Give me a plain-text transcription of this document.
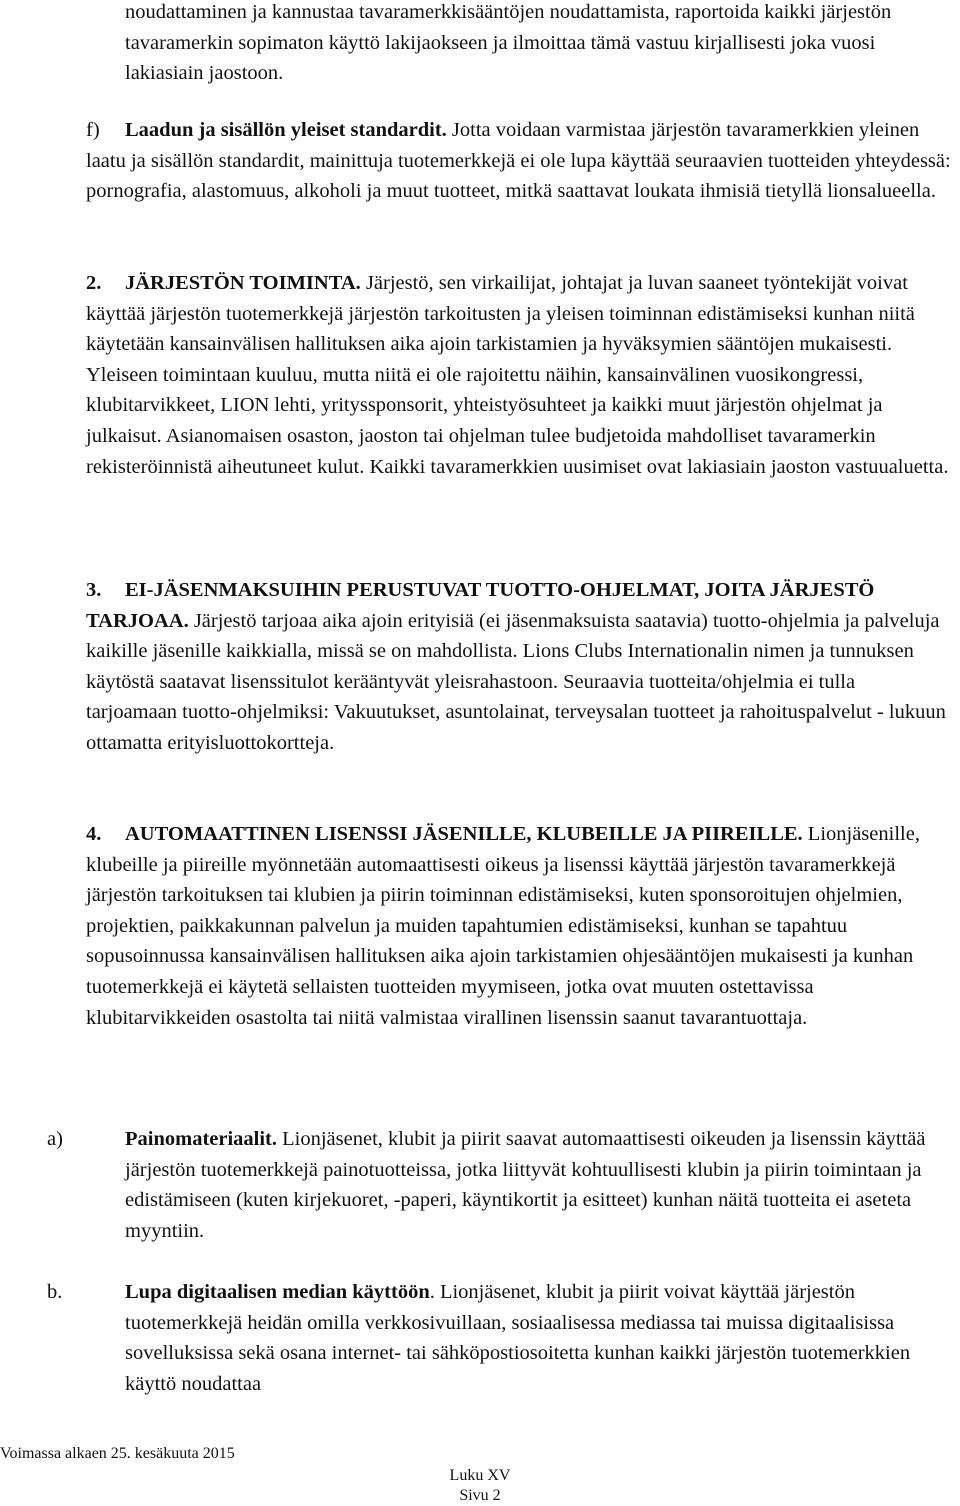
noudattaminen ja kannustaa tavaramerkkisääntöjen noudattamista, raportoida kaikki järjestön tavaramerkin sopimaton käyttö lakijaokseen ja ilmoittaa tämä vastuu kirjallisesti joka vuosi lakiasiain jaostoon.

f) Laadun ja sisällön yleiset standardit. Jotta voidaan varmistaa järjestön tavaramerkkien yleinen laatu ja sisällön standardit, mainittuja tuotemerkkejä ei ole lupa käyttää seuraavien tuotteiden yhteydessä: pornografia, alastomuus, alkoholi ja muut tuotteet, mitkä saattavat loukata ihmisiä tietyllä lionsalueella.

2. JÄRJESTÖN TOIMINTA. Järjestö, sen virkailijat, johtajat ja luvan saaneet työntekijät voivat käyttää järjestön tuotemerkkejä järjestön tarkoitusten ja yleisen toiminnan edistämiseksi kunhan niitä käytetään kansainvälisen hallituksen aika ajoin tarkistamien ja hyväksymien sääntöjen mukaisesti. Yleiseen toimintaan kuuluu, mutta niitä ei ole rajoitettu näihin, kansainvälinen vuosikongressi, klubitarvikkeet, LION lehti, yrityssponsorit, yhteistyösuhteet ja kaikki muut järjestön ohjelmat ja julkaisut. Asianomaisen osaston, jaoston tai ohjelman tulee budjetoida mahdolliset tavaramerkin rekisteröinnistä aiheutuneet kulut. Kaikki tavaramerkkien uusimiset ovat lakiasiain jaoston vastuualuetta.

3. EI-JÄSENMAKSUIHIN PERUSTUVAT TUOTTO-OHJELMAT, JOITA JÄRJESTÖ TARJOAA. Järjestö tarjoaa aika ajoin erityisiä (ei jäsenmaksuista saatavia) tuotto-ohjelmia ja palveluja kaikille jäsenille kaikkialla, missä se on mahdollista. Lions Clubs Internationalin nimen ja tunnuksen käytöstä saatavat lisenssitulot kerääntyvät yleisrahastoon. Seuraavia tuotteita/ohjelmia ei tulla tarjoamaan tuotto-ohjelmiksi: Vakuutukset, asuntolainat, terveysalan tuotteet ja rahoituspalvelut - lukuun ottamatta erityisluottokortteja.

4. AUTOMAATTINEN LISENSSI JÄSENILLE, KLUBEILLE JA PIIREILLE. Lionjäsenille, klubeille ja piireille myönnetään automaattisesti oikeus ja lisenssi käyttää järjestön tavaramerkkejä järjestön tarkoituksen tai klubien ja piirin toiminnan edistämiseksi, kuten sponsoroitujen ohjelmien, projektien, paikkakunnan palvelun ja muiden tapahtumien edistämiseksi, kunhan se tapahtuu sopusoinnussa kansainvälisen hallituksen aika ajoin tarkistamien ohjesääntöjen mukaisesti ja kunhan tuotemerkkejä ei käytetä sellaisten tuotteiden myymiseen, jotka ovat muuten ostettavissa klubitarvikkeiden osastolta tai niitä valmistaa virallinen lisenssin saanut tavarantuottaja.

a)	Painomateriaalit. Lionjäsenet, klubit ja piirit saavat automaattisesti oikeuden ja lisenssin käyttää järjestön tuotemerkkejä painotuotteissa, jotka liittyvät kohtuullisesti klubin ja piirin toimintaan ja edistämiseen (kuten kirjekuoret, -paperi, käyntikortit ja esitteet) kunhan näitä tuotteita ei aseteta myyntiin.

b.	Lupa digitaalisen median käyttöön. Lionjäsenet, klubit ja piirit voivat käyttää järjestön tuotemerkkejä heidän omilla verkkosivuillaan, sosiaalisessa mediassa tai muissa digitaalisissa sovelluksissa sekä osana internet- tai sähköpostiosoitetta kunhan kaikki järjestön tuotemerkkien käyttö noudattaa

Voimassa alkaen 25. kesäkuuta 2015
Luku XV
Sivu 2
